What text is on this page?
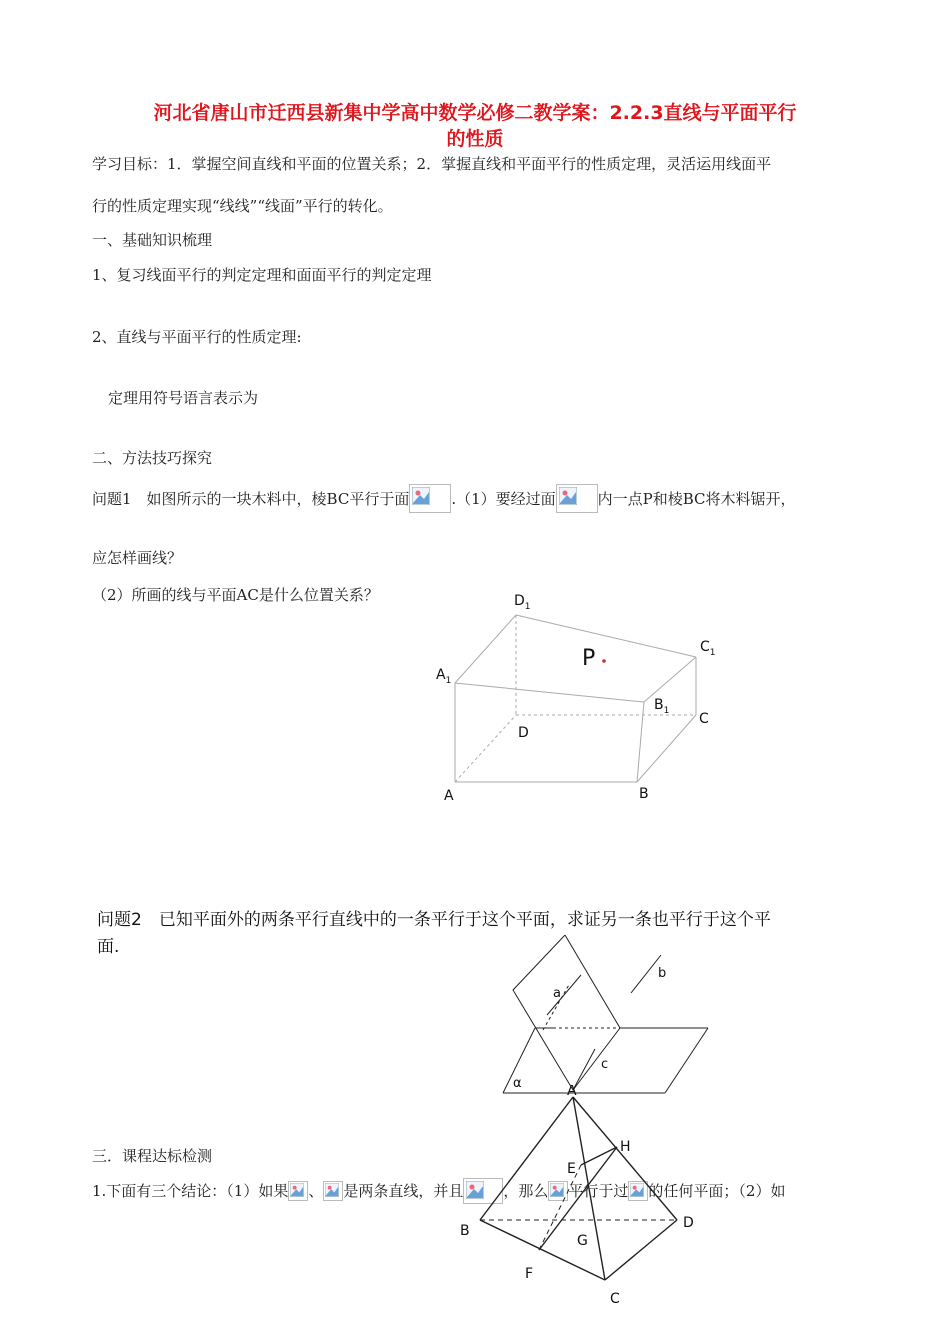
河北省唐山市迁西县新集中学高中数学必修二教学案：2.2.3直线与平面平行
的性质
学习目标：1．掌握空间直线和平面的位置关系；2．掌握直线和平面平行的性质定理，灵活运用线面平
行的性质定理实现“线线”“线面”平行的转化。
一、基础知识梳理
1、复习线面平行的判定定理和面面平行的判定定理
2、直线与平面平行的性质定理:
定理用符号语言表示为
二、方法技巧探究
问题1　如图所示的一块木料中，棱BC平行于面	.（1）要经过面	内一点P和棱BC将木料锯开，
应怎样画线？
（2）所画的线与平面AC是什么位置关系？	$D_1$
$C_1$
$A_1$
$B_1$
P
D
C
A	B
问题2　已知平面外的两条平行直线中的一条平行于这个平面，求证另一条也平行于这个平
面.
a
b
c
α
三．课程达标检测
1.下面有三个结论：（1）如果 、 是两条直线，并且	，那么 平行于过 的任何平面；（2）如
A
H
E
B	D
G
F
C
